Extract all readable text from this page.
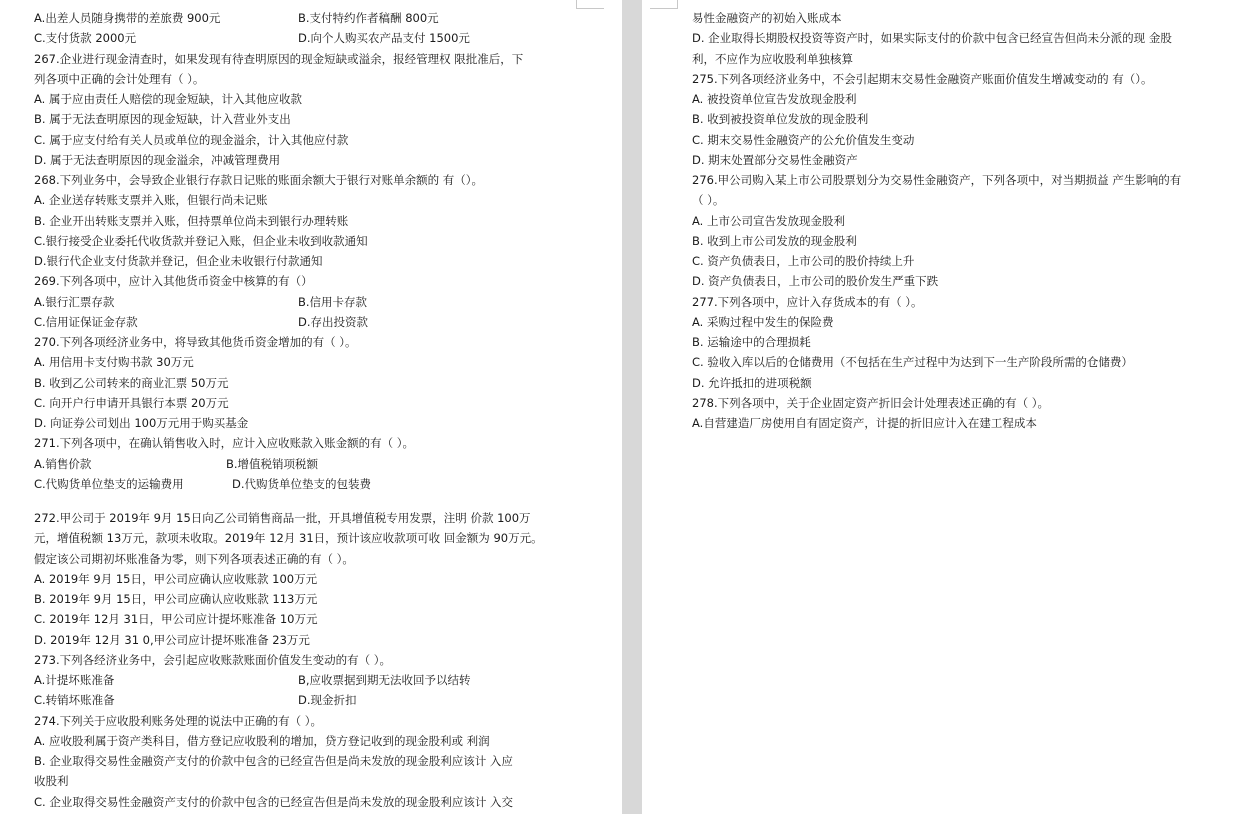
A.出差人员随身携带的差旅费 900元	B.支付特约作者稿酬 800元
C.支付货款 2000元	D.向个人购买农产品支付 1500元
267.企业进行现金清查时，如果发现有待查明原因的现金短缺或溢余，报经管理权 限批准后，下
列各项中正确的会计处理有（ ）。
A. 属于应由责任人赔偿的现金短缺，计入其他应收款
B. 属于无法查明原因的现金短缺，计入营业外支出
C. 属于应支付给有关人员或单位的现金溢余，计入其他应付款
D. 属于无法查明原因的现金溢余，冲减管理费用
268.下列业务中，会导致企业银行存款日记账的账面余额大于银行对账单余额的 有（）。
A. 企业送存转账支票并入账，但银行尚未记账
B. 企业开出转账支票并入账，但持票单位尚未到银行办理转账
C.银行接受企业委托代收货款并登记入账，但企业未收到收款通知
D.银行代企业支付货款并登记，但企业未收银行付款通知
269.下列各项中，应计入其他货币资金中核算的有（）
A.银行汇票存款	B.信用卡存款
C.信用证保证金存款	D.存出投资款
270.下列各项经济业务中，将导致其他货币资金增加的有（ ）。
A. 用信用卡支付购书款 30万元
B. 收到乙公司转来的商业汇票 50万元
C. 向开户行申请开具银行本票 20万元
D. 向证券公司划出 100万元用于购买基金
271.下列各项中，在确认销售收入时，应计入应收账款入账金额的有（ ）。
A.销售价款	B.增值税销项税额
C.代购货单位垫支的运输费用	D.代购货单位垫支的包装费
272.甲公司于 2019年 9月 15日向乙公司销售商品一批，开具增值税专用发票，注明 价款 100万
元，增值税额 13万元，款项未收取。2019年 12月 31日，预计该应收款项可收 回金额为 90万元。
假定该公司期初坏账准备为零，则下列各项表述正确的有（ ）。
A. 2019年 9月 15日，甲公司应确认应收账款 100万元
B. 2019年 9月 15日，甲公司应确认应收账款 113万元
C. 2019年 12月 31日，甲公司应计提坏账准备 10万元
D. 2019年 12月 31 0,甲公司应计提坏账准备 23万元
273.下列各经济业务中，会引起应收账款账面价值发生变动的有（ ）。
A.计提坏账准备	B,应收票据到期无法收回予以结转
C.转销坏账准备	D.现金折扣
274.下列关于应收股利账务处理的说法中正确的有（ ）。
A. 应收股利属于资产类科目，借方登记应收股利的增加，贷方登记收到的现金股利或 利润
B. 企业取得交易性金融资产支付的价款中包含的已经宣告但是尚未发放的现金股利应该计 入应
收股利
C. 企业取得交易性金融资产支付的价款中包含的已经宣告但是尚未发放的现金股利应该计 入交
易性金融资产的初始入账成本
D. 企业取得长期股权投资等资产时，如果实际支付的价款中包含已经宣告但尚未分派的现 金股
利，不应作为应收股利单独核算
275.下列各项经济业务中，不会引起期末交易性金融资产账面价值发生增减变动的 有（）。
A. 被投资单位宣告发放现金股利
B. 收到被投资单位发放的现金股利
C. 期末交易性金融资产的公允价值发生变动
D. 期末处置部分交易性金融资产
276.甲公司购入某上市公司股票划分为交易性金融资产，下列各项中，对当期损益 产生影响的有
（ ）。
A. 上市公司宣告发放现金股利
B. 收到上市公司发放的现金股利
C. 资产负债表日，上市公司的股价持续上升
D. 资产负债表日，上市公司的股价发生严重下跌
277.下列各项中，应计入存货成本的有（ ）。
A. 采购过程中发生的保险费
B. 运输途中的合理损耗
C. 验收入库以后的仓储费用（不包括在生产过程中为达到下一生产阶段所需的仓储费）
D. 允许抵扣的进项税额
278.下列各项中，关于企业固定资产折旧会计处理表述正确的有（ ）。
A.自营建造厂房使用自有固定资产，计提的折旧应计入在建工程成本
